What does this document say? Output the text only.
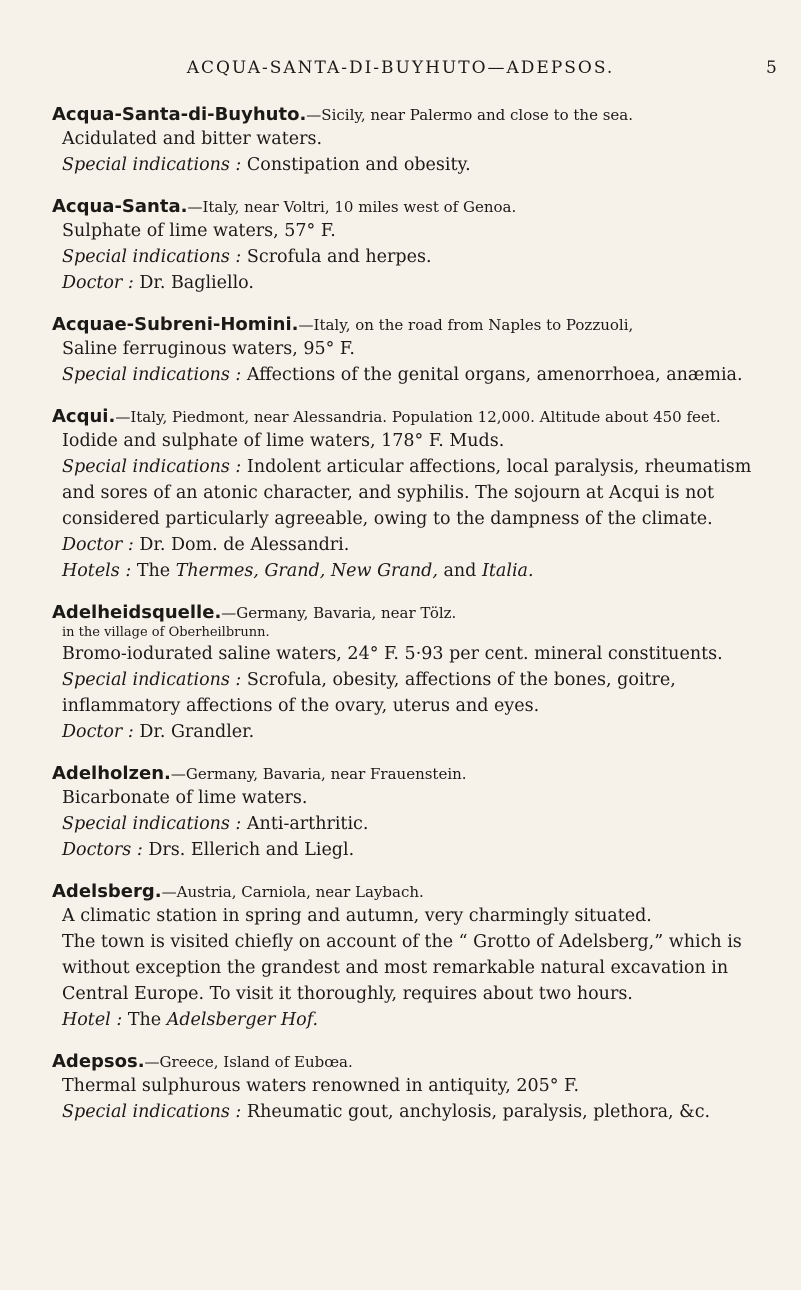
ACQUA-SANTA-DI-BUYHUTO—ADEPSOS.	5

Acqua-Santa-di-Buyhuto.—Sicily, near Palermo and close to the sea.

Acidulated and bitter waters.

Special indications : Constipation and obesity.

Acqua-Santa.—Italy, near Voltri, 10 miles west of Genoa.

Sulphate of lime waters, 57° F.

Special indications : Scrofula and herpes.

Doctor : Dr. Bagliello.

Acquae-Subreni-Homini.—Italy, on the road from Naples to Pozzuoli,

Saline ferruginous waters, 95° F.

Special indications : Affections of the genital organs, amenorrhoea, anæmia.

Acqui.—Italy, Piedmont, near Alessandria. Population 12,000. Altitude about 450 feet.

Iodide and sulphate of lime waters, 178° F. Muds.

Special indications : Indolent articular affections, local paralysis, rheumatism and sores of an atonic character, and syphilis. The sojourn at Acqui is not considered particularly agreeable, owing to the dampness of the climate.

Doctor : Dr. Dom. de Alessandri.

Hotels : The Thermes, Grand, New Grand, and Italia.

Adelheidsquelle.—Germany, Bavaria, near Tölz.

in the village of Oberheilbrunn.

Bromo-iodurated saline waters, 24° F. 5·93 per cent. mineral constituents.

Special indications : Scrofula, obesity, affections of the bones, goitre, inflammatory affections of the ovary, uterus and eyes.

Doctor : Dr. Grandler.

Adelholzen.—Germany, Bavaria, near Frauenstein.

Bicarbonate of lime waters.

Special indications : Anti-arthritic.

Doctors : Drs. Ellerich and Liegl.

Adelsberg.—Austria, Carniola, near Laybach.

A climatic station in spring and autumn, very charmingly situated.

The town is visited chiefly on account of the “ Grotto of Adelsberg,” which is without exception the grandest and most remarkable natural excavation in Central Europe. To visit it thoroughly, requires about two hours.

Hotel : The Adelsberger Hof.

Adepsos.—Greece, Island of Eubœa.

Thermal sulphurous waters renowned in antiquity, 205° F.

Special indications : Rheumatic gout, anchylosis, paralysis, plethora, &c.
